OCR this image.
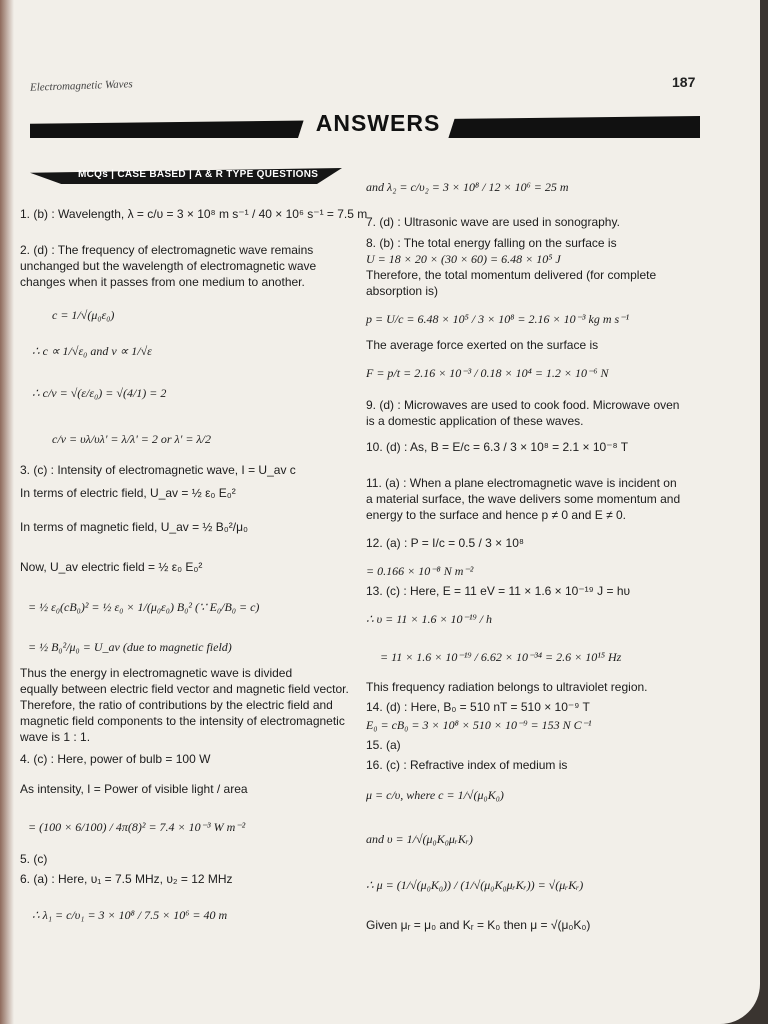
Electromagnetic Waves	187
ANSWERS
MCQs | CASE BASED | A & R TYPE QUESTIONS
1. (b) : Wavelength, λ = c/υ = 3 × 10⁸ m s⁻¹ / 40 × 10⁶ s⁻¹ = 7.5 m
2. (d) : The frequency of electromagnetic wave remains
unchanged but the wavelength of electromagnetic wave
changes when it passes from one medium to another.
c = 1/√(μ₀ε₀)
∴ c ∝ 1/√ε₀ and v ∝ 1/√ε
∴ c/v = √(ε/ε₀) = √(4/1) = 2
c/v = υλ/υλ' = λ/λ' = 2 or λ' = λ/2
3. (c) : Intensity of electromagnetic wave, I = U_av c
In terms of electric field, U_av = ½ ε₀ E₀²
In terms of magnetic field, U_av = ½ B₀²/μ₀
Now, U_av electric field = ½ ε₀ E₀²
= ½ ε₀(cB₀)² = ½ ε₀ × 1/(μ₀ε₀) B₀² (∵ E₀/B₀ = c)
= ½ B₀²/μ₀ = U_av (due to magnetic field)
Thus the energy in electromagnetic wave is divided
equally between electric field vector and magnetic field vector.
Therefore, the ratio of contributions by the electric field and
magnetic field components to the intensity of electromagnetic
wave is 1 : 1.
4. (c) : Here, power of bulb = 100 W
As intensity, I = Power of visible light / area
= (100 × 6/100) / 4π(8)² = 7.4 × 10⁻³ W m⁻²
5. (c)
6. (a) : Here, υ₁ = 7.5 MHz, υ₂ = 12 MHz
∴ λ₁ = c/υ₁ = 3 × 10⁸ / 7.5 × 10⁶ = 40 m
and λ₂ = c/υ₂ = 3 × 10⁸ / 12 × 10⁶ = 25 m
7. (d) : Ultrasonic wave are used in sonography.
8. (b) : The total energy falling on the surface is
U = 18 × 20 × (30 × 60) = 6.48 × 10⁵ J
Therefore, the total momentum delivered (for complete
absorption is)
p = U/c = 6.48 × 10⁵ / 3 × 10⁸ = 2.16 × 10⁻³ kg m s⁻¹
The average force exerted on the surface is
F = p/t = 2.16 × 10⁻³ / 0.18 × 10⁴ = 1.2 × 10⁻⁶ N
9. (d) : Microwaves are used to cook food. Microwave oven
is a domestic application of these waves.
10. (d) : As, B = E/c = 6.3 / 3 × 10⁸ = 2.1 × 10⁻⁸ T
11. (a) : When a plane electromagnetic wave is incident on
a material surface, the wave delivers some momentum and
energy to the surface and hence p ≠ 0 and E ≠ 0.
12. (a) : P = I/c = 0.5 / 3 × 10⁸
= 0.166 × 10⁻⁸ N m⁻²
13. (c) : Here, E = 11 eV = 11 × 1.6 × 10⁻¹⁹ J = hυ
∴ υ = 11 × 1.6 × 10⁻¹⁹ / h
= 11 × 1.6 × 10⁻¹⁹ / 6.62 × 10⁻³⁴ = 2.6 × 10¹⁵ Hz
This frequency radiation belongs to ultraviolet region.
14. (d) : Here, B₀ = 510 nT = 510 × 10⁻⁹ T
E₀ = cB₀ = 3 × 10⁸ × 510 × 10⁻⁹ = 153 N C⁻¹
15. (a)
16. (c) : Refractive index of medium is
μ = c/υ, where c = 1/√(μ₀K₀)
and υ = 1/√(μ₀K₀μᵣKᵣ)
∴ μ = (1/√(μ₀K₀)) / (1/√(μ₀K₀μᵣKᵣ)) = √(μᵣKᵣ)
Given μᵣ = μ₀ and Kᵣ = K₀ then μ = √(μ₀K₀)
